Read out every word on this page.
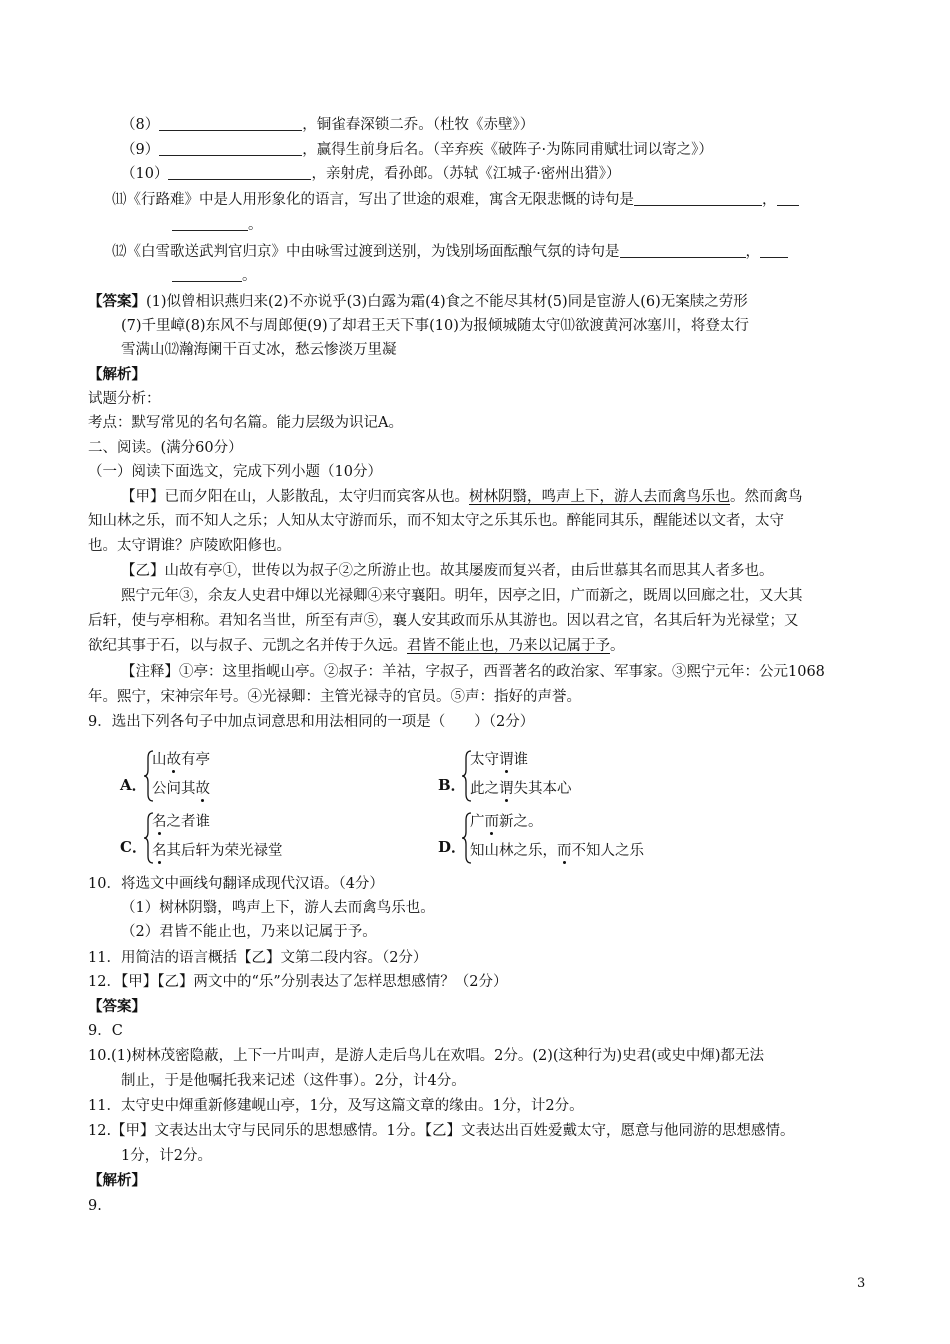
（8）	，铜雀春深锁二乔。（杜牧《赤壁》）
（9）	，赢得生前身后名。（辛弃疾《破阵子·为陈同甫赋壮词以寄之》）
（10）	，亲射虎，看孙郎。（苏轼《江城子·密州出猎》）
⑾《行路难》中是人用形象化的语言，写出了世途的艰难，寓含无限悲慨的诗句是	，
。
⑿《白雪歌送武判官归京》中由咏雪过渡到送别，为饯别场面酝酿气氛的诗句是	，
。
【答案】(1)似曾相识燕归来(2)不亦说乎(3)白露为霜(4)食之不能尽其材(5)同是宦游人(6)无案牍之劳形
(7)千里嶂(8)东风不与周郎便(9)了却君王天下事(10)为报倾城随太守⑾欲渡黄河冰塞川，将登太行
雪满山⑿瀚海阑干百丈冰，愁云惨淡万里凝
【解析】
试题分析：
考点：默写常见的名句名篇。能力层级为识记A。
二、阅读。(满分60分）
（一）阅读下面选文，完成下列小题（10分）
【甲】已而夕阳在山，人影散乱，太守归而宾客从也。树林阴翳，鸣声上下，游人去而禽鸟乐也。然而禽鸟
知山林之乐，而不知人之乐；人知从太守游而乐，而不知太守之乐其乐也。醉能同其乐，醒能述以文者，太守
也。太守谓谁？庐陵欧阳修也。
【乙】山故有亭①，世传以为叔子②之所游止也。故其屡废而复兴者，由后世慕其名而思其人者多也。
熙宁元年③，余友人史君中煇以光禄卿④来守襄阳。明年，因亭之旧，广而新之，既周以回廊之壮，又大其
后轩，使与亭相称。君知名当世，所至有声⑤，襄人安其政而乐从其游也。因以君之官，名其后轩为光禄堂；又
欲纪其事于石，以与叔子、元凯之名并传于久远。君皆不能止也，乃来以记属于予。
【注释】①亭：这里指岘山亭。②叔子：羊祜，字叔子，西晋著名的政治家、军事家。③熙宁元年：公元1068
年。熙宁，宋神宗年号。④光禄卿：主管光禄寺的官员。⑤声：指好的声誉。
9．选出下列各句子中加点词意思和用法相同的一项是（　　）（2分）
A．
山故有亭
公问其故	B．
太守谓谁
此之谓失其本心
C．
名之者谁
名其后轩为荣光禄堂	D．
广而新之。
知山林之乐，而不知人之乐
10．将选文中画线句翻译成现代汉语。（4分）
（1）树林阴翳，鸣声上下，游人去而禽鸟乐也。
（2）君皆不能止也，乃来以记属于予。
11．用简洁的语言概括【乙】文第二段内容。（2分）
12．【甲】【乙】两文中的“乐”分别表达了怎样思想感情？（2分）
【答案】
9．C
10.(1)树林茂密隐蔽，上下一片叫声，是游人走后鸟儿在欢唱。2分。(2)(这种行为)史君(或史中煇)都无法
制止，于是他嘱托我来记述（这件事）。2分，计4分。
11．太守史中煇重新修建岘山亭，1分，及写这篇文章的缘由。1分，计2分。
12.【甲】文表达出太守与民同乐的思想感情。1分。【乙】文表达出百姓爱戴太守，愿意与他同游的思想感情。
1分，计2分。
【解析】
9.
3
